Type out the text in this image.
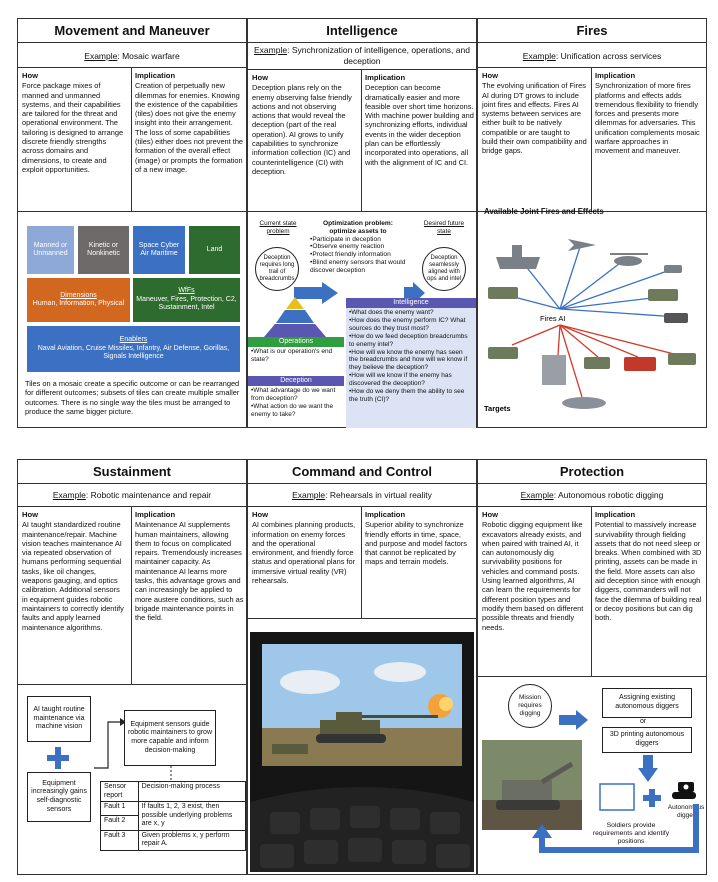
Movement and Maneuver
Example: Mosaic warfare
How
Force package mixes of manned and unmanned systems, and their capabilities are tailored for the threat and operational environment. The tailoring is designed to arrange discrete friendly strengths across domains and dimensions, to create and exploit opportunities.
Implication
Creation of perpetually new dilemmas for enemies. Knowing the existence of the capabilities (tiles) does not give the enemy insight into their arrangement. The loss of some capabilities (tiles) either does not prevent the formation of the overall effect (image) or prompts the formation of a new image.
Manned or Unmanned
Kinetic or Nonkinetic
Space Cyber Air Maritime
Land
Dimensions
Human, Information, Physical
WfFs
Maneuver, Fires, Protection, C2, Sustainment, Intel
Enablers
Naval Aviation, Cruise Missiles, Infantry, Air Defense, Gorillas, Signals Intelligence
Tiles on a mosaic create a specific outcome or can be rearranged for different outcomes; subsets of tiles can create multiple smaller outcomes. There is no single way the tiles must be arranged to produce the same bigger picture.
Intelligence
Example: Synchronization of intelligence, operations, and deception
How
Deception plans rely on the enemy observing false friendly actions and not observing actions that would reveal the deception (part of the real operation). AI grows to unify capabilities to synchronize information collection (IC) and counterintelligence (CI) with deception.
Implication
Deception can become dramatically easier and more feasible over short time horizons. With machine power building and synchronizing efforts, individual events in the wider deception plan can be effortlessly incorporated into operations, all with the alignment of IC and CI.
Current state problem
Deception requires long trail of breadcrumbs
Optimization problem: optimize assets to
• Participate in deception
• Observe enemy reaction
• Protect friendly information
• Blind enemy sensors that would discover deception
Desired future state
Deception seamlessly aligned with ops and intel
Operations
• What is our operation's end state?
Deception
• What advantage do we want from deception?
• What action do we want the enemy to take?
Intelligence
• What does the enemy want?
• How does the enemy perform IC? What sources do they trust most?
• How do we feed deception breadcrumbs to enemy intel?
• How will we know the enemy has seen the breadcrumbs and how will we know if they believe the deception?
• How will we know if the enemy has discovered the deception?
• How do we deny them the ability to see the truth (CI)?
Fires
Example: Unification across services
How
The evolving unification of Fires AI during DT grows to include joint fires and effects. Fires AI systems between services are either built to be natively compatible or are taught to build their own compatibility and bridge gaps.
Implication
Synchronization of more fires platforms and effects adds tremendous flexibility to friendly forces and presents more dilemmas for adversaries. This unification complements mosaic warfare approaches in movement and maneuver.
Available Joint Fires and Effects
Fires AI
Targets
Sustainment
Example: Robotic maintenance and repair
How
AI taught standardized routine maintenance/repair. Machine vision teaches maintenance AI via repeated observation of humans performing sequential tasks, like oil changes, weapons gauging, and optics calibration. Additional sensors in equipment guides robotic maintainers to correctly identify faults and apply learned maintenance algorithms.
Implication
Maintenance AI supplements human maintainers, allowing them to focus on complicated repairs. Tremendously increases maintainer capacity. As maintenance AI learns more tasks, this advantage grows and can increasingly be applied to more austere conditions, such as brigade maintenance points in the field.
AI taught routine maintenance via machine vision
Equipment increasingly gains self-diagnostic sensors
Equipment sensors guide robotic maintainers to grow more capable and inform decision-making
Sensor report	Decision-making process
Fault 1	If faults 1, 2, 3 exist, then possible underlying problems are x, y
Fault 2	
Fault 3	Given problems x, y perform repair A.
Command and Control
Example: Rehearsals in virtual reality
How
AI combines planning products, information on enemy forces and the operational environment, and friendly force status and operational plans for immersive virtual reality (VR) rehearsals.
Implication
Superior ability to synchronize friendly efforts in time, space, and purpose and model factors that cannot be replicated by maps and terrain models.
Protection
Example: Autonomous robotic digging
How
Robotic digging equipment like excavators already exists, and when paired with trained AI, it can autonomously dig survivability positions for vehicles and command posts. Using learned algorithms, AI can learn the requirements for different position types and modify them based on different possible threats and friendly needs.
Implication
Potential to massively increase survivability through fielding assets that do not need sleep or breaks. When combined with 3D printing, assets can be made in the field. More assets can also aid deception since with enough diggers, commanders will not face the dilemma of building real or decoy positions but can dig both.
Mission requires digging
Assigning existing autonomous diggers
or
3D printing autonomous diggers
Autonomous digger
Soldiers provide requirements and identify positions
